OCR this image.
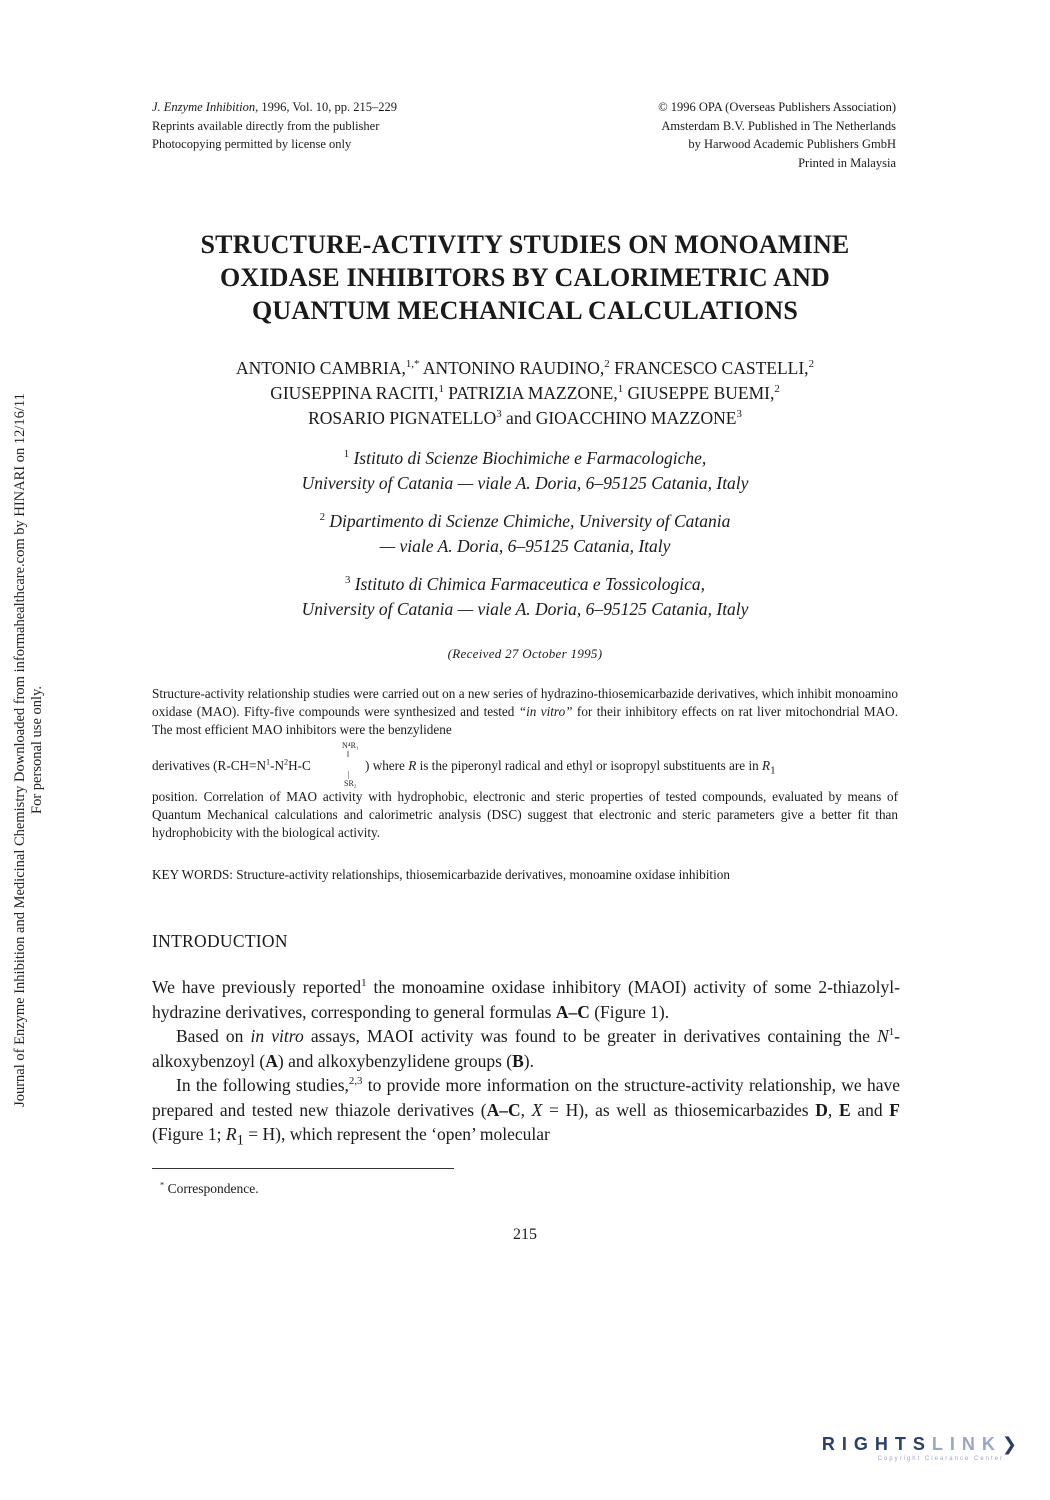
J. Enzyme Inhibition, 1996, Vol. 10, pp. 215–229
Reprints available directly from the publisher
Photocopying permitted by license only
© 1996 OPA (Overseas Publishers Association)
Amsterdam B.V. Published in The Netherlands
by Harwood Academic Publishers GmbH
Printed in Malaysia
STRUCTURE-ACTIVITY STUDIES ON MONOAMINE
OXIDASE INHIBITORS BY CALORIMETRIC AND
QUANTUM MECHANICAL CALCULATIONS
ANTONIO CAMBRIA,$^{1,*}$ ANTONINO RAUDINO,$^2$ FRANCESCO CASTELLI,$^2$
GIUSEPPINA RACITI,$^1$ PATRIZIA MAZZONE,$^1$ GIUSEPPE BUEMI,$^2$
ROSARIO PIGNATELLO$^3$ and GIOACCHINO MAZZONE$^3$
$^1$ Istituto di Scienze Biochimiche e Farmacologiche,
University of Catania — viale A. Doria, 6–95125 Catania, Italy
$^2$ Dipartimento di Scienze Chimiche, University of Catania
— viale A. Doria, 6–95125 Catania, Italy
$^3$ Istituto di Chimica Farmaceutica e Tossicologica,
University of Catania — viale A. Doria, 6–95125 Catania, Italy
(Received 27 October 1995)
Structure-activity relationship studies were carried out on a new series of hydrazino-thiosemicarbazide derivatives, which inhibit monoamino oxidase (MAO). Fifty-five compounds were synthesized and tested “in vitro” for their inhibitory effects on rat liver mitochondrial MAO. The most efficient MAO inhibitors were the benzylidene
derivatives ($R-CH=N^1-N^2H-C$
N⁴R₁
‖
|
SR₂
) where R is the piperonyl radical and ethyl or isopropyl substituents are in $R_1$
position. Correlation of MAO activity with hydrophobic, electronic and steric properties of tested compounds, evaluated by means of Quantum Mechanical calculations and calorimetric analysis (DSC) suggest that electronic and steric parameters give a better fit than hydrophobicity with the biological activity.
KEY WORDS: Structure-activity relationships, thiosemicarbazide derivatives, monoamine oxidase inhibition
INTRODUCTION

We have previously reported$^1$ the monoamine oxidase inhibitory (MAOI) activity of some 2-thiazolyl-hydrazine derivatives, corresponding to general formulas A–C (Figure 1).

Based on in vitro assays, MAOI activity was found to be greater in derivatives containing the $N^1$-alkoxybenzoyl (A) and alkoxybenzylidene groups (B).

In the following studies,$^{2,3}$ to provide more information on the structure-activity relationship, we have prepared and tested new thiazole derivatives (A–C, X = H), as well as thiosemicarbazides D, E and F (Figure 1; $R_1 = H$), which represent the ‘open’ molecular

* Correspondence.
215
Journal of Enzyme Inhibition and Medicinal Chemistry Downloaded from informahealthcare.com by HINARI on 12/16/11 For personal use only.
RIGHTSLINK❯
Copyright Clearance Center
